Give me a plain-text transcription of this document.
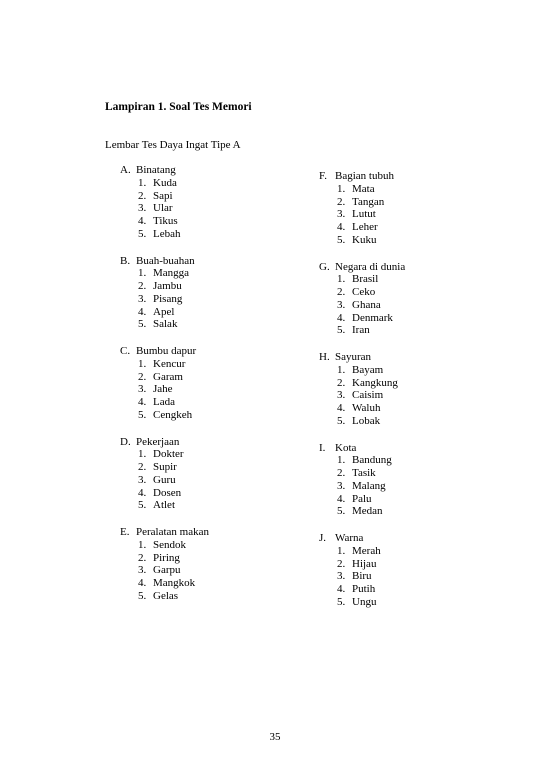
Lampiran 1. Soal Tes Memori
Lembar Tes Daya Ingat Tipe A
A. Binatang
1. Kuda
2. Sapi
3. Ular
4. Tikus
5. Lebah
B. Buah-buahan
1. Mangga
2. Jambu
3. Pisang
4. Apel
5. Salak
C. Bumbu dapur
1. Kencur
2. Garam
3. Jahe
4. Lada
5. Cengkeh
D. Pekerjaan
1. Dokter
2. Supir
3. Guru
4. Dosen
5. Atlet
E. Peralatan makan
1. Sendok
2. Piring
3. Garpu
4. Mangkok
5. Gelas
F. Bagian tubuh
1. Mata
2. Tangan
3. Lutut
4. Leher
5. Kuku
G. Negara di dunia
1. Brasil
2. Ceko
3. Ghana
4. Denmark
5. Iran
H. Sayuran
1. Bayam
2. Kangkung
3. Caisim
4. Waluh
5. Lobak
I. Kota
1. Bandung
2. Tasik
3. Malang
4. Palu
5. Medan
J. Warna
1. Merah
2. Hijau
3. Biru
4. Putih
5. Ungu
35
